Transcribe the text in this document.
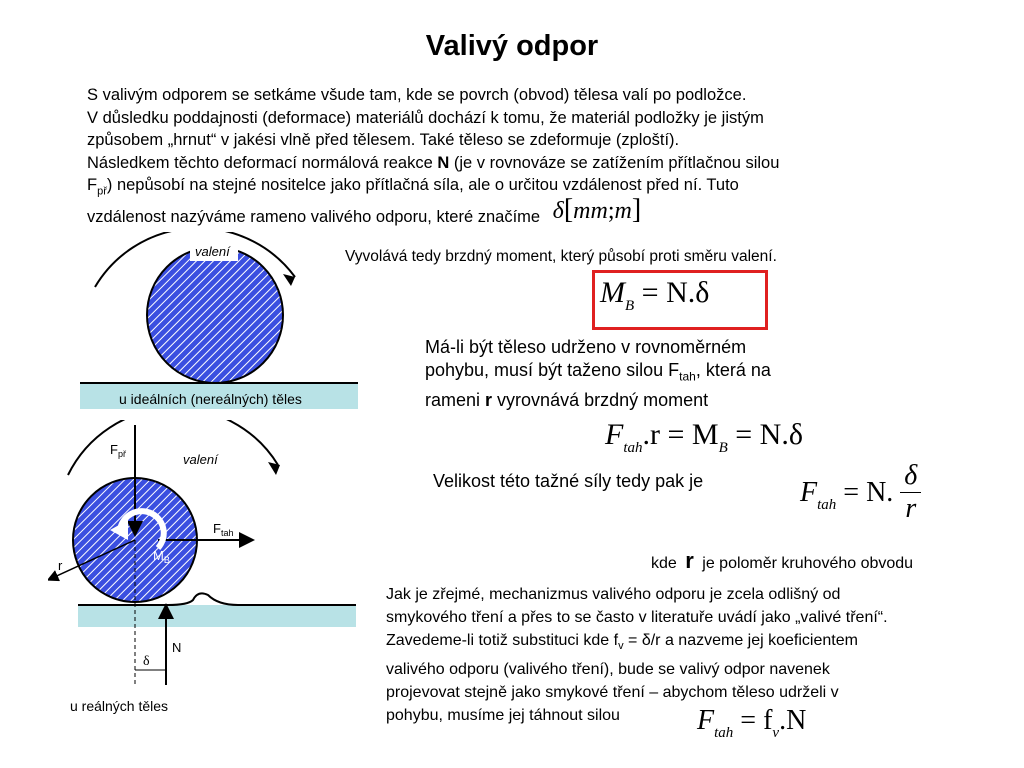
Valivý odpor
S valivým odporem se setkáme všude tam, kde se povrch (obvod) tělesa valí po podložce.
V důsledku poddajnosti (deformace) materiálů dochází k tomu, že materiál podložky je jistým
způsobem „hrnut“ v jakési vlně před tělesem. Také těleso se zdeformuje (zploští).
Následkem těchto deformací normálová reakce N (je v rovnováze se zatížením přítlačnou silou
$F_{př}$) nepůsobí na stejné nositelce jako přítlačná síla, ale o určitou vzdálenost před ní. Tuto
vzdálenost nazýváme rameno valivého odporu, které značíme δ[mm;m]
valení
u ideálních (nereálných) těles
valení
$F_{př}$
$F_{tah}$
$M_B$
r
N
δ
u reálných těles
Vyvolává tedy brzdný moment, který působí proti směru valení.
$M_B = N.\delta$
Má-li být těleso udrženo v rovnoměrném
pohybu, musí být taženo silou $F_{tah}$, která na
rameni r vyrovnává brzdný moment
$F_{tah}.r = M_B = N.\delta$
Velikost této tažné síly tedy pak je	$F_{tah} = N$. $\frac{\delta}{r}$
kde r je poloměr kruhového obvodu
Jak je zřejmé, mechanizmus valivého odporu je zcela odlišný od
smykového tření a přes to se často v literatuře uvádí jako „valivé tření“.
Zavedeme-li totiž substituci kde $f_v = \delta/r$ a nazveme jej koeficientem
valivého odporu (valivého tření), bude se valivý odpor navenek
projevovat stejně jako smykové tření – abychom těleso udrželi v
pohybu, musíme jej táhnout silou	$F_{tah} = f_v.N$
